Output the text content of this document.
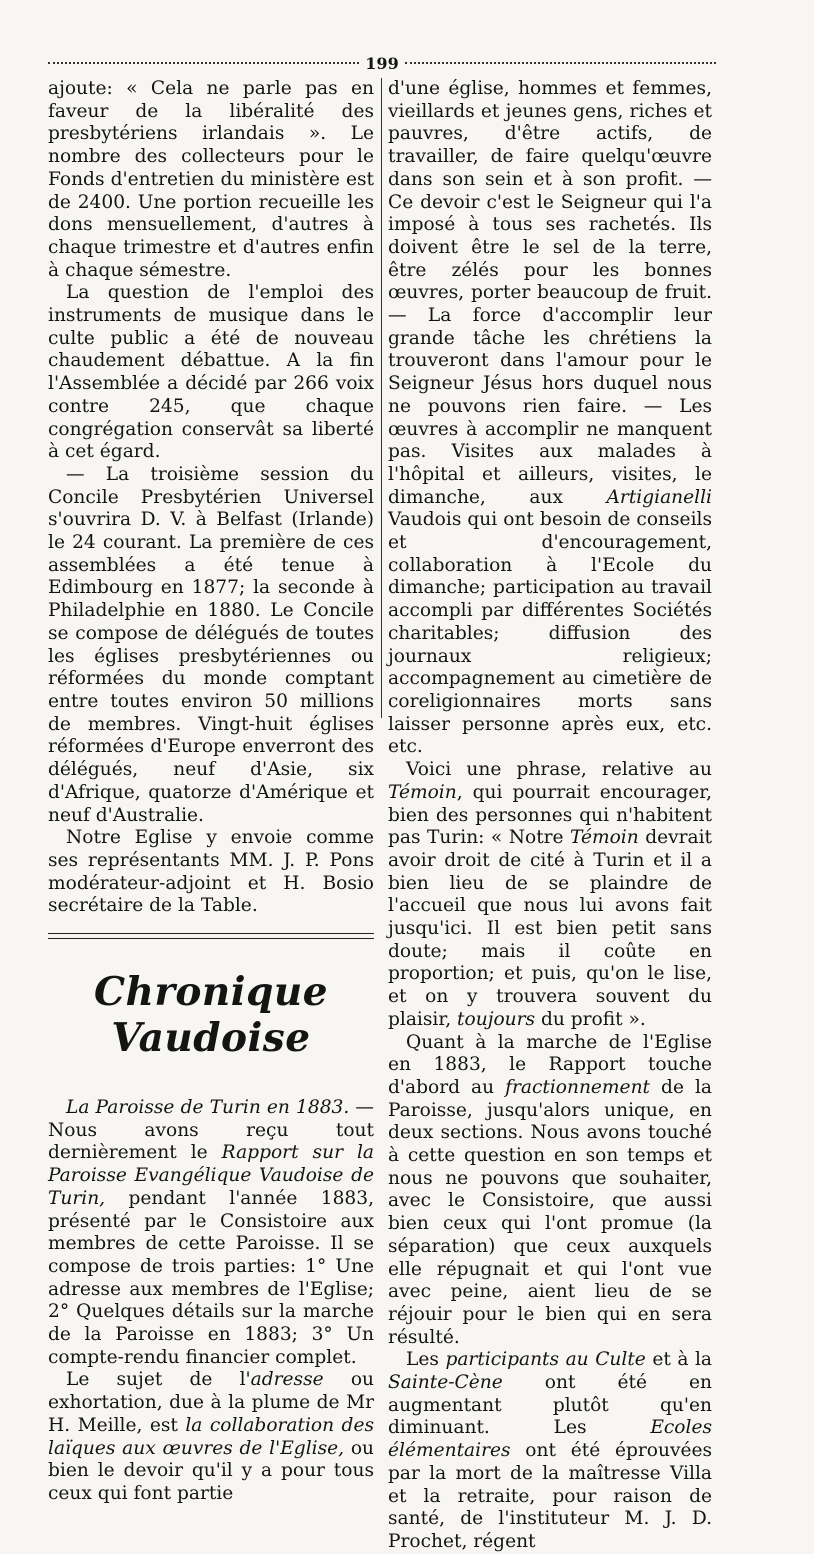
199

ajoute: « Cela ne parle pas en faveur de la libéralité des presbytériens irlandais ». Le nombre des collecteurs pour le Fonds d'entretien du ministère est de 2400. Une portion recueille les dons mensuellement, d'autres à chaque trimestre et d'autres enfin à chaque sémestre.

La question de l'emploi des instruments de musique dans le culte public a été de nouveau chaudement débattue. A la fin l'Assemblée a décidé par 266 voix contre 245, que chaque congrégation conservât sa liberté à cet égard.

— La troisième session du Concile Presbytérien Universel s'ouvrira D. V. à Belfast (Irlande) le 24 courant. La première de ces assemblées a été tenue à Edimbourg en 1877; la seconde à Philadelphie en 1880. Le Concile se compose de délégués de toutes les églises presbytériennes ou réformées du monde comptant entre toutes environ 50 millions de membres. Vingt-huit églises réformées d'Europe enverront des délégués, neuf d'Asie, six d'Afrique, quatorze d'Amérique et neuf d'Australie.

Notre Eglise y envoie comme ses représentants MM. J. P. Pons modérateur-adjoint et H. Bosio secrétaire de la Table.

Chronique Vaudoise

La Paroisse de Turin en 1883. — Nous avons reçu tout dernièrement le Rapport sur la Paroisse Evangélique Vaudoise de Turin, pendant l'année 1883, présenté par le Consistoire aux membres de cette Paroisse. Il se compose de trois parties: 1° Une adresse aux membres de l'Eglise; 2° Quelques détails sur la marche de la Paroisse en 1883; 3° Un compte-rendu financier complet.

Le sujet de l'adresse ou exhortation, due à la plume de Mr H. Meille, est la collaboration des laïques aux œuvres de l'Eglise, ou bien le devoir qu'il y a pour tous ceux qui font partie

d'une église, hommes et femmes, vieillards et jeunes gens, riches et pauvres, d'être actifs, de travailler, de faire quelqu'œuvre dans son sein et à son profit. — Ce devoir c'est le Seigneur qui l'a imposé à tous ses rachetés. Ils doivent être le sel de la terre, être zélés pour les bonnes œuvres, porter beaucoup de fruit. — La force d'accomplir leur grande tâche les chrétiens la trouveront dans l'amour pour le Seigneur Jésus hors duquel nous ne pouvons rien faire. — Les œuvres à accomplir ne manquent pas. Visites aux malades à l'hôpital et ailleurs, visites, le dimanche, aux Artigianelli Vaudois qui ont besoin de conseils et d'encouragement, collaboration à l'Ecole du dimanche; participation au travail accompli par différentes Sociétés charitables; diffusion des journaux religieux; accompagnement au cimetière de coreligionnaires morts sans laisser personne après eux, etc. etc.

Voici une phrase, relative au Témoin, qui pourrait encourager, bien des personnes qui n'habitent pas Turin: « Notre Témoin devrait avoir droit de cité à Turin et il a bien lieu de se plaindre de l'accueil que nous lui avons fait jusqu'ici. Il est bien petit sans doute; mais il coûte en proportion; et puis, qu'on le lise, et on y trouvera souvent du plaisir, toujours du profit ».

Quant à la marche de l'Eglise en 1883, le Rapport touche d'abord au fractionnement de la Paroisse, jusqu'alors unique, en deux sections. Nous avons touché à cette question en son temps et nous ne pouvons que souhaiter, avec le Consistoire, que aussi bien ceux qui l'ont promue (la séparation) que ceux auxquels elle répugnait et qui l'ont vue avec peine, aient lieu de se réjouir pour le bien qui en sera résulté.

Les participants au Culte et à la Sainte-Cène ont été en augmentant plutôt qu'en diminuant. Les Ecoles élémentaires ont été éprouvées par la mort de la maîtresse Villa et la retraite, pour raison de santé, de l'instituteur M. J. D. Prochet, régent
